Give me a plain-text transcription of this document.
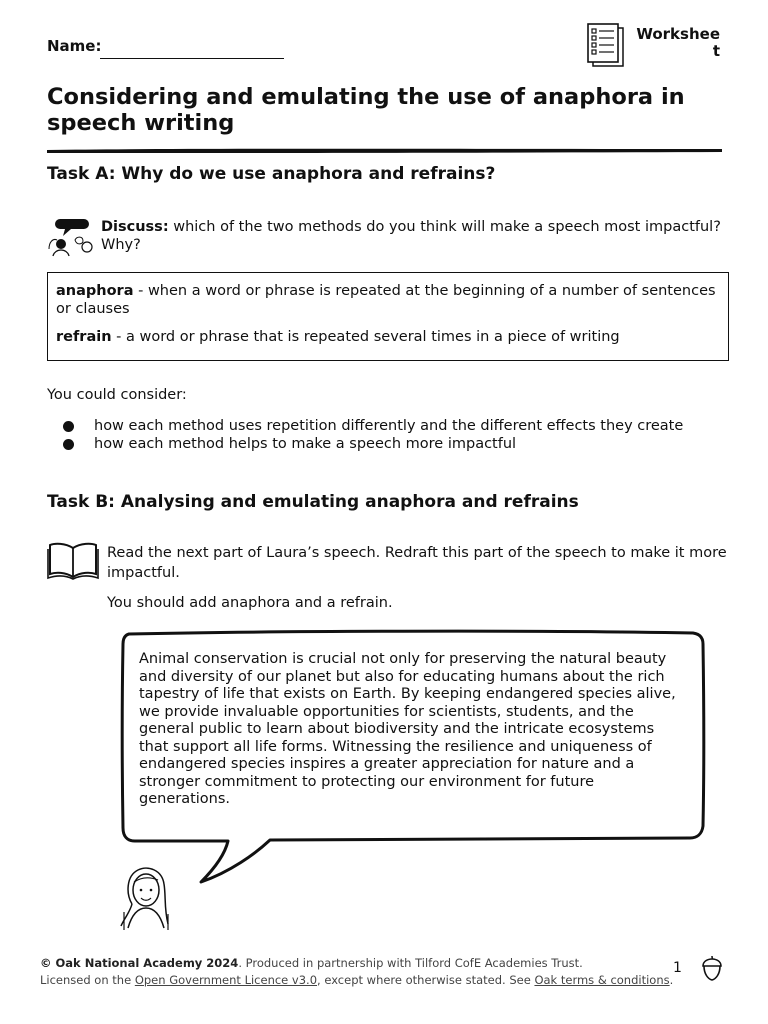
Name:
Worksheet
Considering and emulating the use of anaphora in speech writing
Task A: Why do we use anaphora and refrains?
Discuss: which of the two methods do you think will make a speech most impactful? Why?
anaphora - when a word or phrase is repeated at the beginning of a number of sentences or clauses
refrain - a word or phrase that is repeated several times in a piece of writing
You could consider:
how each method uses repetition differently and the different effects they create
how each method helps to make a speech more impactful
Task B: Analysing and emulating anaphora and refrains
Read the next part of Laura’s speech. Redraft this part of the speech to make it more impactful.
You should add anaphora and a refrain.
Animal conservation is crucial not only for preserving the natural beauty and diversity of our planet but also for educating humans about the rich tapestry of life that exists on Earth. By keeping endangered species alive, we provide invaluable opportunities for scientists, students, and the general public to learn about biodiversity and the intricate ecosystems that support all life forms. Witnessing the resilience and uniqueness of endangered species inspires a greater appreciation for nature and a stronger commitment to protecting our environment for future generations.
© Oak National Academy 2024. Produced in partnership with Tilford CofE Academies Trust.
Licensed on the Open Government Licence v3.0, except where otherwise stated. See Oak terms & conditions.
1
